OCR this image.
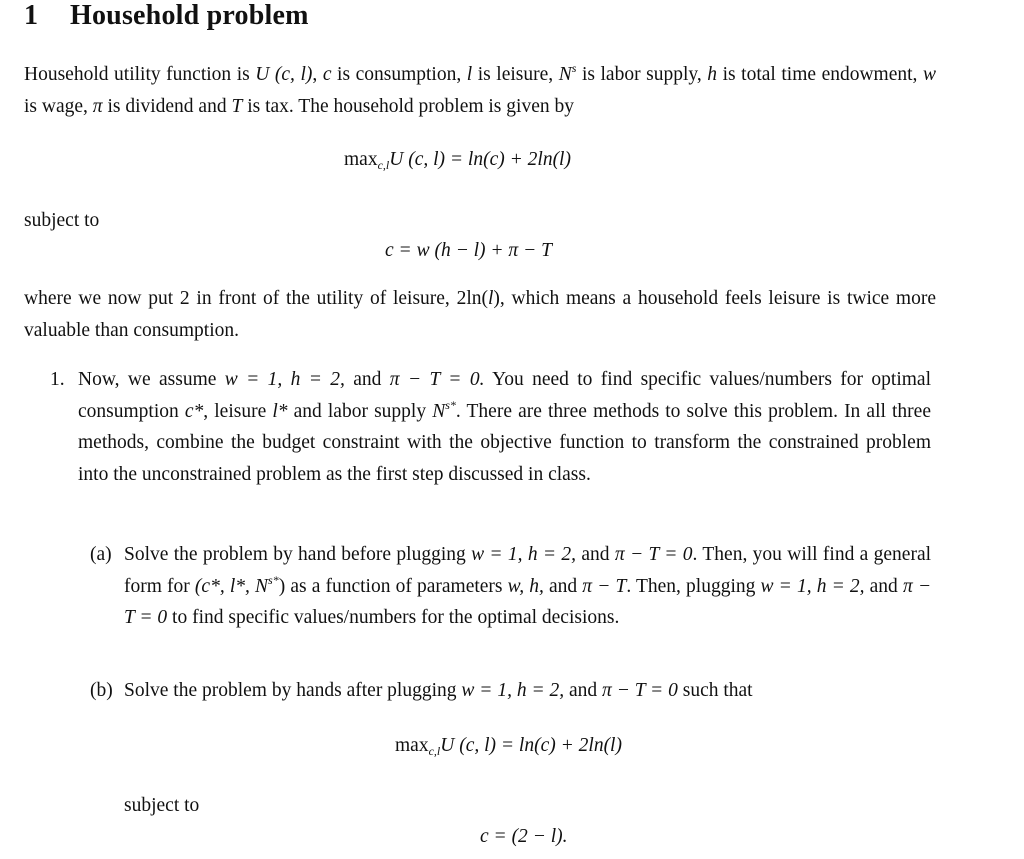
1 Household problem
Household utility function is U (c, l), c is consumption, l is leisure, $N^s$ is labor supply, h is total time endowment, w is wage, π is dividend and T is tax. The household problem is given by
$\max_{c,l}U$ (c, l) = ln(c) + 2ln(l)
subject to
c = w (h − l) + π − T
where we now put 2 in front of the utility of leisure, 2ln(l), which means a household feels leisure is twice more valuable than consumption.
1. Now, we assume w = 1, h = 2, and π − T = 0. You need to find specific values/numbers for optimal consumption c*, leisure l* and labor supply $N^{s*}$. There are three methods to solve this problem. In all three methods, combine the budget constraint with the objective function to transform the constrained problem into the unconstrained problem as the first step discussed in class.
(a) Solve the problem by hand before plugging w = 1, h = 2, and π − T = 0. Then, you will find a general form for (c*, l*, $N^{s*}$) as a function of parameters w, h, and π − T. Then, plugging w = 1, h = 2, and π − T = 0 to find specific values/numbers for the optimal decisions.
(b) Solve the problem by hands after plugging w = 1, h = 2, and π − T = 0 such that
$\max_{c,l}U$ (c, l) = ln(c) + 2ln(l)
subject to
c = (2 − l).
